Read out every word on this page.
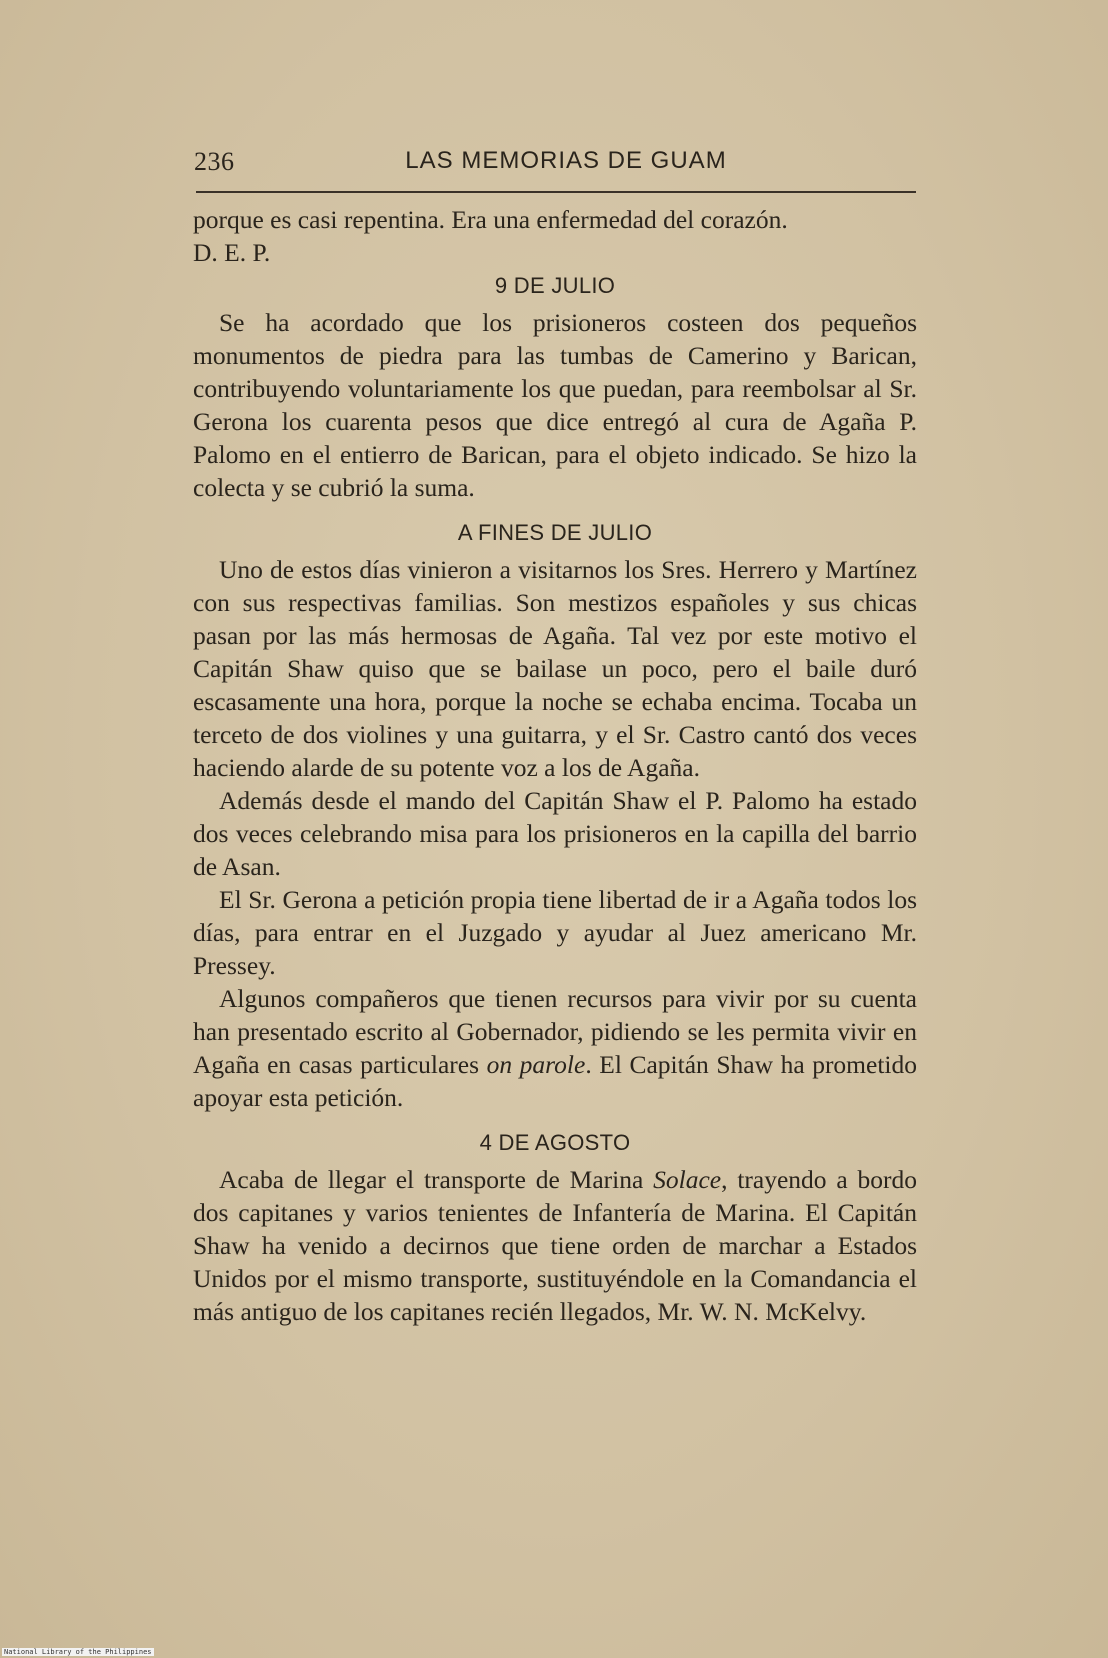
236	LAS MEMORIAS DE GUAM

porque es casi repentina. Era una enfermedad del corazón.
D. E. P.

9 DE JULIO

Se ha acordado que los prisioneros costeen dos pequeños monumentos de piedra para las tumbas de Camerino y Barican, contribuyendo voluntariamente los que puedan, para reembolsar al Sr. Gerona los cuarenta pesos que dice entregó al cura de Agaña P. Palomo en el entierro de Barican, para el objeto indicado. Se hizo la colecta y se cubrió la suma.

A FINES DE JULIO

Uno de estos días vinieron a visitarnos los Sres. Herrero y Martínez con sus respectivas familias. Son mestizos españoles y sus chicas pasan por las más hermosas de Agaña. Tal vez por este motivo el Capitán Shaw quiso que se bailase un poco, pero el baile duró escasamente una hora, porque la noche se echaba encima. Tocaba un terceto de dos violines y una guitarra, y el Sr. Castro cantó dos veces haciendo alarde de su potente voz a los de Agaña.

Además desde el mando del Capitán Shaw el P. Palomo ha estado dos veces celebrando misa para los prisioneros en la capilla del barrio de Asan.

El Sr. Gerona a petición propia tiene libertad de ir a Agaña todos los días, para entrar en el Juzgado y ayudar al Juez americano Mr. Pressey.

Algunos compañeros que tienen recursos para vivir por su cuenta han presentado escrito al Gobernador, pidiendo se les permita vivir en Agaña en casas particulares on parole. El Capitán Shaw ha prometido apoyar esta petición.

4 DE AGOSTO

Acaba de llegar el transporte de Marina Solace, trayendo a bordo dos capitanes y varios tenientes de Infantería de Marina. El Capitán Shaw ha venido a decirnos que tiene orden de marchar a Estados Unidos por el mismo transporte, sustituyéndole en la Comandancia el más antiguo de los capitanes recién llegados, Mr. W. N. McKelvy.

National Library of the Philippines
